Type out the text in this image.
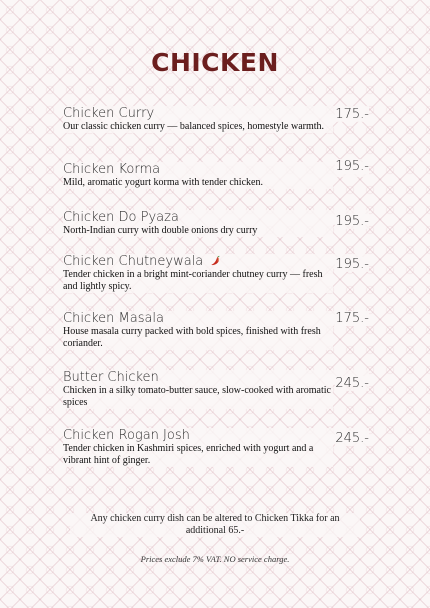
CHICKEN
175.-
Chicken Curry
Our classic chicken curry — balanced spices, homestyle warmth.
195.-
Chicken Korma
Mild, aromatic yogurt korma with tender chicken.
195.-
Chicken Do Pyaza
North-Indian curry with double onions dry curry
195.-
Chicken Chutneywala
Tender chicken in a bright mint-coriander chutney curry — fresh and lightly spicy.
175.-
Chicken Masala
House masala curry packed with bold spices, finished with fresh coriander.
245.-
Butter Chicken
Chicken in a silky tomato-butter sauce, slow-cooked with aromatic spices
245.-
Chicken Rogan Josh
Tender chicken in Kashmiri spices, enriched with yogurt and a vibrant hint of ginger.
Any chicken curry dish can be altered to Chicken Tikka for an additional 65.-
Prices exclude 7% VAT. NO service charge.
